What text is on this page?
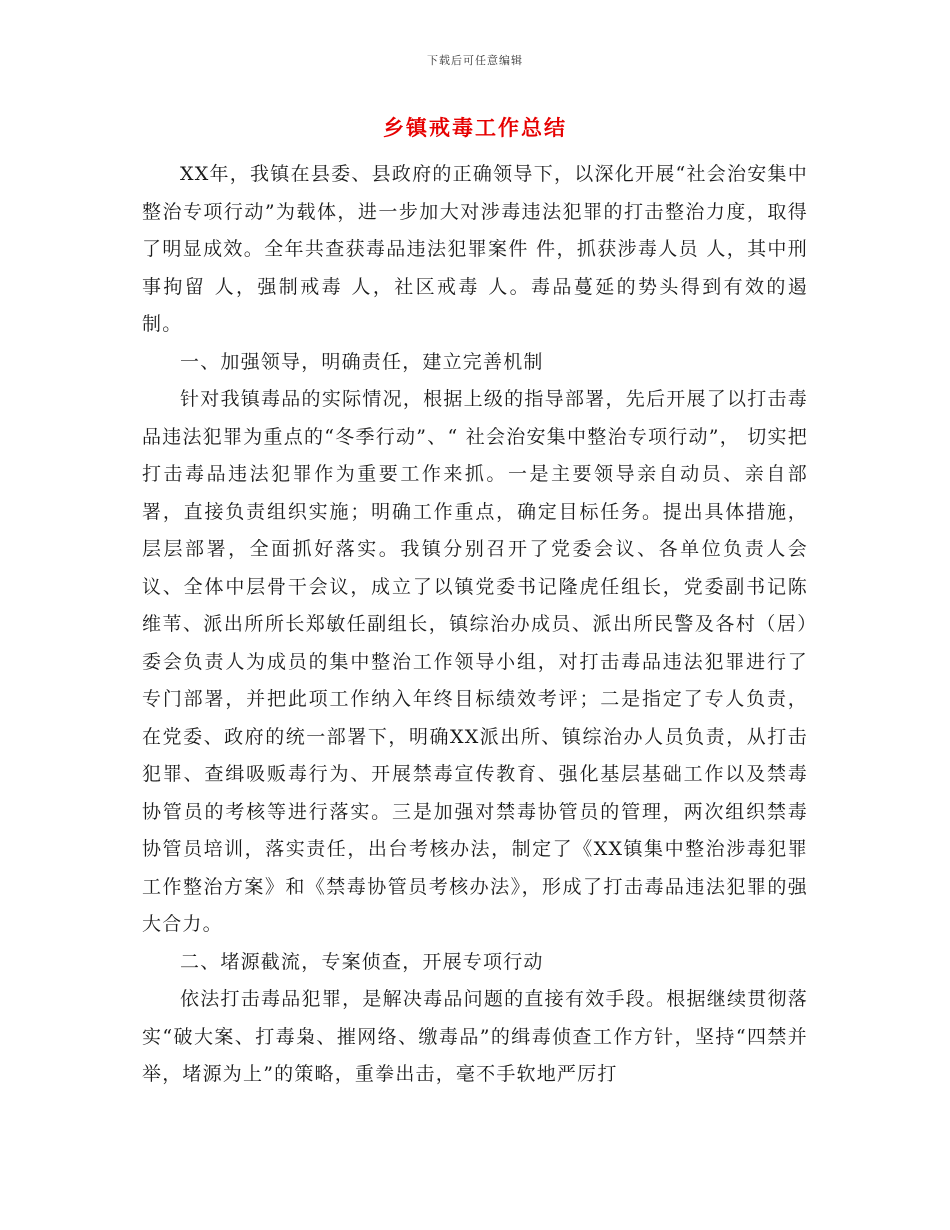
下载后可任意编辑
乡镇戒毒工作总结

XX年，我镇在县委、县政府的正确领导下，以深化开展“社会治安集中整治专项行动”为载体，进一步加大对涉毒违法犯罪的打击整治力度，取得了明显成效。全年共查获毒品违法犯罪案件 件，抓获涉毒人员 人，其中刑事拘留 人，强制戒毒 人，社区戒毒 人。毒品蔓延的势头得到有效的遏制。

一、加强领导，明确责任，建立完善机制

针对我镇毒品的实际情况，根据上级的指导部署，先后开展了以打击毒品违法犯罪为重点的“冬季行动”、“ 社会治安集中整治专项行动”， 切实把打击毒品违法犯罪作为重要工作来抓。一是主要领导亲自动员、亲自部署，直接负责组织实施；明确工作重点，确定目标任务。提出具体措施，层层部署，全面抓好落实。我镇分别召开了党委会议、各单位负责人会议、全体中层骨干会议，成立了以镇党委书记隆虎任组长，党委副书记陈维苇、派出所所长郑敏任副组长，镇综治办成员、派出所民警及各村（居）委会负责人为成员的集中整治工作领导小组，对打击毒品违法犯罪进行了专门部署，并把此项工作纳入年终目标绩效考评；二是指定了专人负责，在党委、政府的统一部署下，明确XX派出所、镇综治办人员负责，从打击犯罪、查缉吸贩毒行为、开展禁毒宣传教育、强化基层基础工作以及禁毒协管员的考核等进行落实。三是加强对禁毒协管员的管理，两次组织禁毒协管员培训，落实责任，出台考核办法，制定了《XX镇集中整治涉毒犯罪工作整治方案》和《禁毒协管员考核办法》，形成了打击毒品违法犯罪的强大合力。

二、堵源截流，专案侦查，开展专项行动

依法打击毒品犯罪，是解决毒品问题的直接有效手段。根据继续贯彻落实“破大案、打毒枭、摧网络、缴毒品”的缉毒侦查工作方针，坚持“四禁并举，堵源为上”的策略，重拳出击，毫不手软地严厉打
